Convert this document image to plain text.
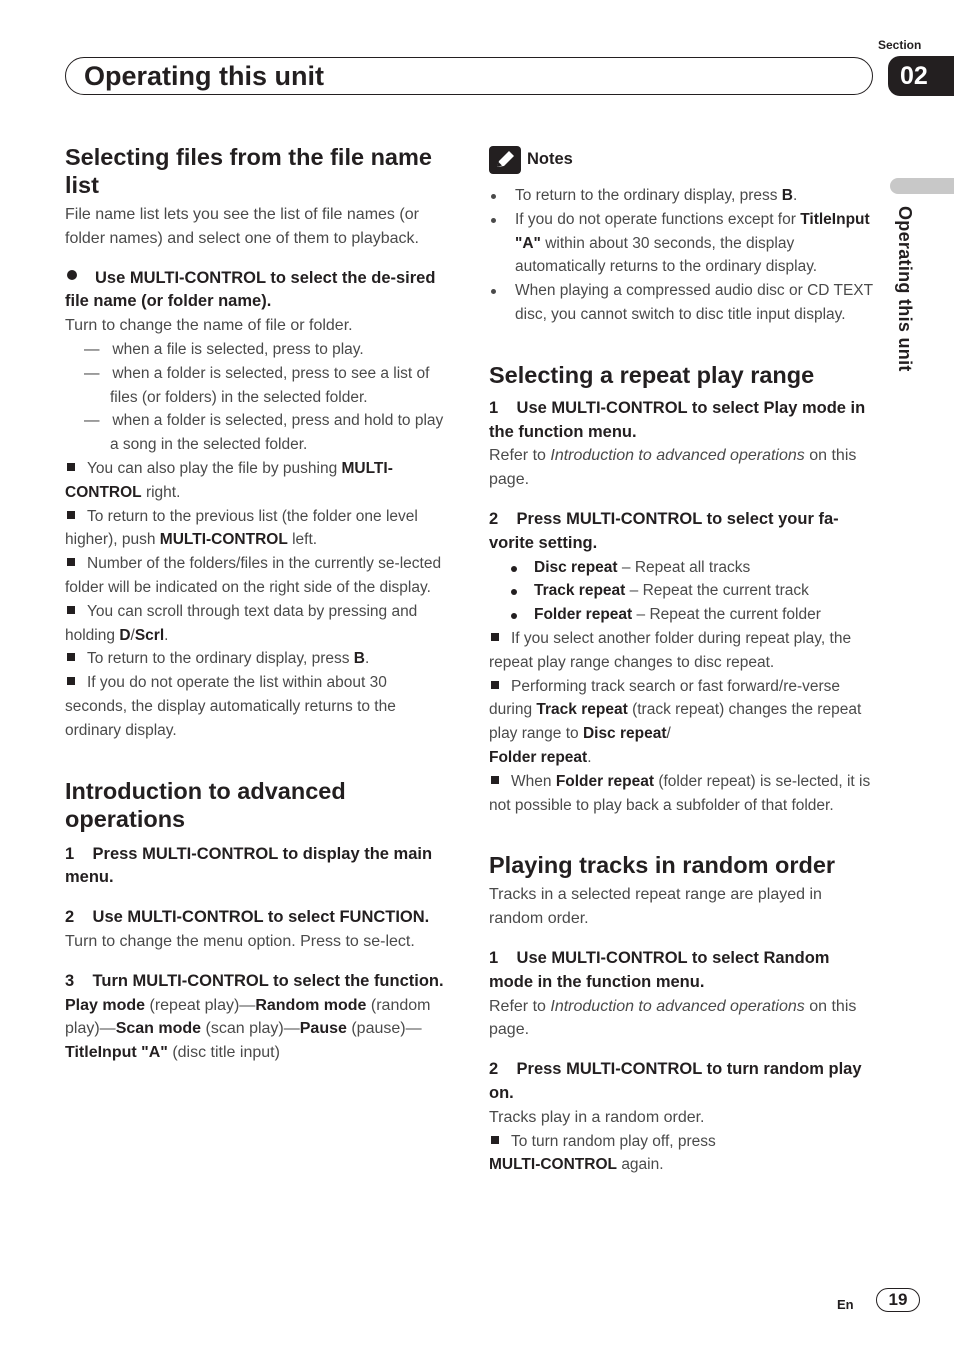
Section
Operating this unit	02
Operating this unit

Selecting files from the file name list

File name list lets you see the list of file names (or folder names) and select one of them to playback.

Use MULTI-CONTROL to select the de-sired file name (or folder name).

Turn to change the name of file or folder.

—   when a file is selected, press to play.

—   when a folder is selected, press to see a list of files (or folders) in the selected folder.

—   when a folder is selected, press and hold to play a song in the selected folder.

You can also play the file by pushing MULTI-CONTROL right.

To return to the previous list (the folder one level higher), push MULTI-CONTROL left.

Number of the folders/files in the currently se-lected folder will be indicated on the right side of the display.

You can scroll through text data by pressing and holding D/Scrl.

To return to the ordinary display, press B.

If you do not operate the list within about 30 seconds, the display automatically returns to the ordinary display.

Introduction to advanced operations

1 Press MULTI-CONTROL to display the main menu.

2 Use MULTI-CONTROL to select FUNCTION.

Turn to change the menu option. Press to se-lect.

3 Turn MULTI-CONTROL to select the function.

Play mode (repeat play)—Random mode (random play)—Scan mode (scan play)—Pause (pause)—TitleInput "A" (disc title input)

Notes

To return to the ordinary display, press B.

If you do not operate functions except for TitleInput "A" within about 30 seconds, the display automatically returns to the ordinary display.

When playing a compressed audio disc or CD TEXT disc, you cannot switch to disc title input display.

Selecting a repeat play range

1 Use MULTI-CONTROL to select Play mode in the function menu.

Refer to Introduction to advanced operations on this page.

2 Press MULTI-CONTROL to select your fa-vorite setting.

Disc repeat – Repeat all tracks

Track repeat – Repeat the current track

Folder repeat – Repeat the current folder

If you select another folder during repeat play, the repeat play range changes to disc repeat.

Performing track search or fast forward/re-verse during Track repeat (track repeat) changes the repeat play range to Disc repeat/
Folder repeat.

When Folder repeat (folder repeat) is se-lected, it is not possible to play back a subfolder of that folder.

Playing tracks in random order

Tracks in a selected repeat range are played in random order.

1 Use MULTI-CONTROL to select Random mode in the function menu.

Refer to Introduction to advanced operations on this page.

2 Press MULTI-CONTROL to turn random play on.

Tracks play in a random order.

To turn random play off, press
MULTI-CONTROL again.

En	19
